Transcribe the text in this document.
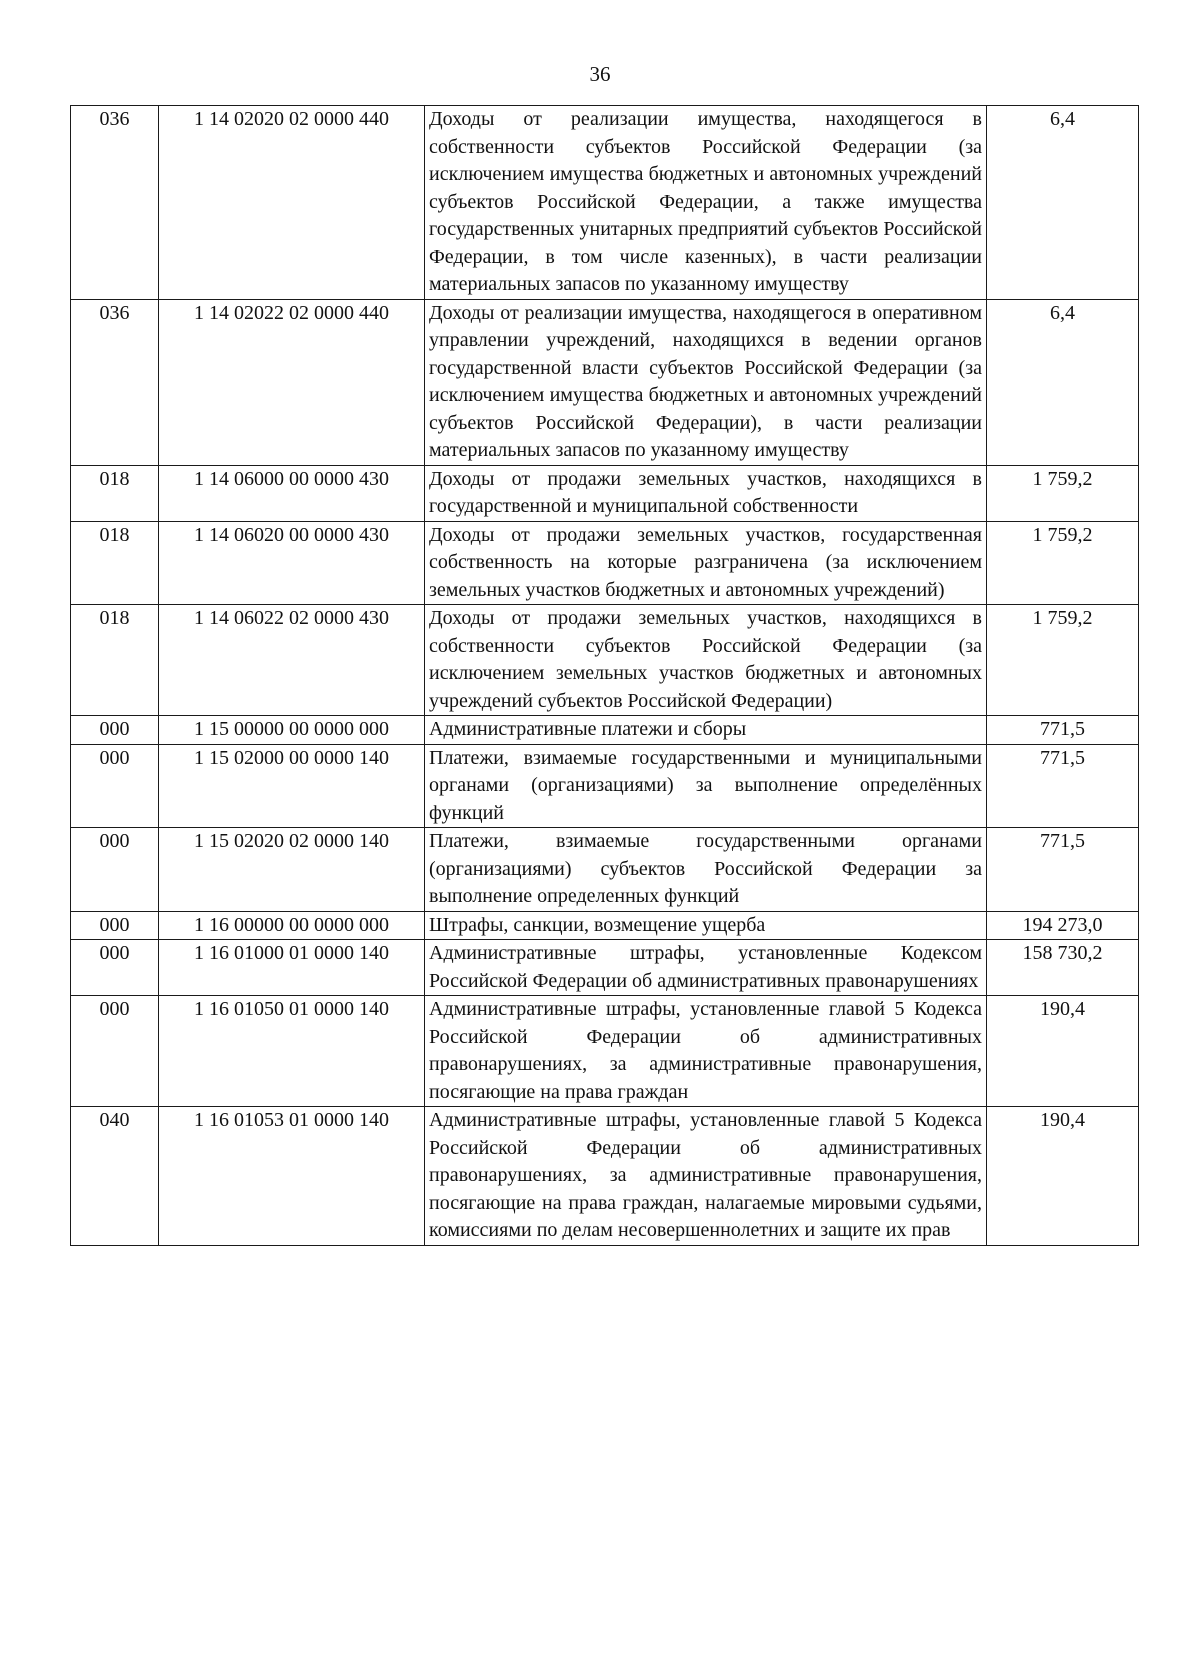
36
036	1 14 02020 02 0000 440	Доходы от реализации имущества, находящегося в собственности субъектов Российской Федерации (за исключением имущества бюджетных и автономных учреждений субъектов Российской Федерации, а также имущества государственных унитарных предприятий субъектов Российской Федерации, в том числе казенных), в части реализации материальных запасов по указанному имуществу	6,4
036	1 14 02022 02 0000 440	Доходы от реализации имущества, находящегося в оперативном управлении учреждений, находящихся в ведении органов государственной власти субъектов Российской Федерации (за исключением имущества бюджетных и автономных учреждений субъектов Российской Федерации), в части реализации материальных запасов по указанному имуществу	6,4
018	1 14 06000 00 0000 430	Доходы от продажи земельных участков, находящихся в государственной и муниципальной собственности	1 759,2
018	1 14 06020 00 0000 430	Доходы от продажи земельных участков, государственная собственность на которые разграничена (за исключением земельных участков бюджетных и автономных учреждений)	1 759,2
018	1 14 06022 02 0000 430	Доходы от продажи земельных участков, находящихся в собственности субъектов Российской Федерации (за исключением земельных участков бюджетных и автономных учреждений субъектов Российской Федерации)	1 759,2
000	1 15 00000 00 0000 000	Административные платежи и сборы	771,5
000	1 15 02000 00 0000 140	Платежи, взимаемые государственными и муниципальными органами (организациями) за выполнение определённых функций	771,5
000	1 15 02020 02 0000 140	Платежи, взимаемые государственными органами (организациями) субъектов Российской Федерации за выполнение определенных функций	771,5
000	1 16 00000 00 0000 000	Штрафы, санкции, возмещение ущерба	194 273,0
000	1 16 01000 01 0000 140	Административные штрафы, установленные Кодексом Российской Федерации об административных правонарушениях	158 730,2
000	1 16 01050 01 0000 140	Административные штрафы, установленные главой 5 Кодекса Российской Федерации об административных правонарушениях, за административные правонарушения, посягающие на права граждан	190,4
040	1 16 01053 01 0000 140	Административные штрафы, установленные главой 5 Кодекса Российской Федерации об административных правонарушениях, за административные правонарушения, посягающие на права граждан, налагаемые мировыми судьями, комиссиями по делам несовершеннолетних и защите их прав	190,4
